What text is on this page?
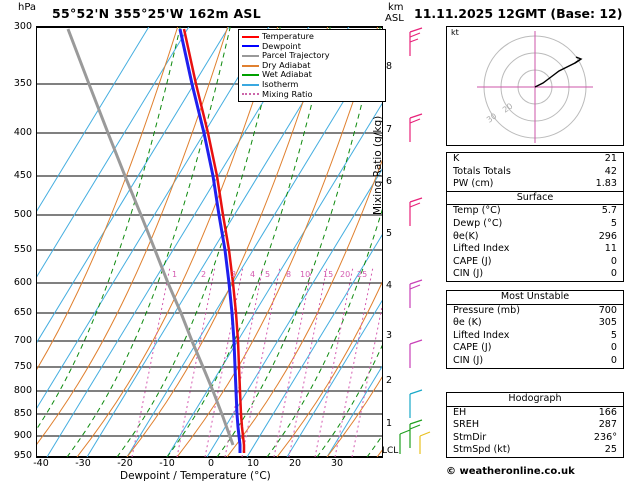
hPa 55°52'N 355°25'W 162m ASL	km
ASL 11.11.2025 12GMT (Base: 12)
Temperature
Dewpoint
Parcel Trajectory
Dry Adiabat
Wet Adiabat
Isotherm
Mixing Ratio
300
350
400
450
500
550
600
650
700
750
800
850
900
950
-40	-30	-20	-10	0	10	20	30
Dewpoint / Temperature (°C)
8
7
6
5
4
3
2
1
LCL
Mixing Ratio (g/kg)
1	2	3 4 5 8 10 15 20 25
20
30
kt
K	21
Totals Totals	42
PW (cm)	1.83
Surface
Temp (°C)	5.7
Dewp (°C)	5
θe(K)	296
Lifted Index	11
CAPE (J)	0
CIN (J)	0
Most Unstable
Pressure (mb)	700
θe (K)	305
Lifted Index	5
CAPE (J)	0
CIN (J)	0
Hodograph
EH	166
SREH	287
StmDir	236°
StmSpd (kt)	25
© weatheronline.co.uk
